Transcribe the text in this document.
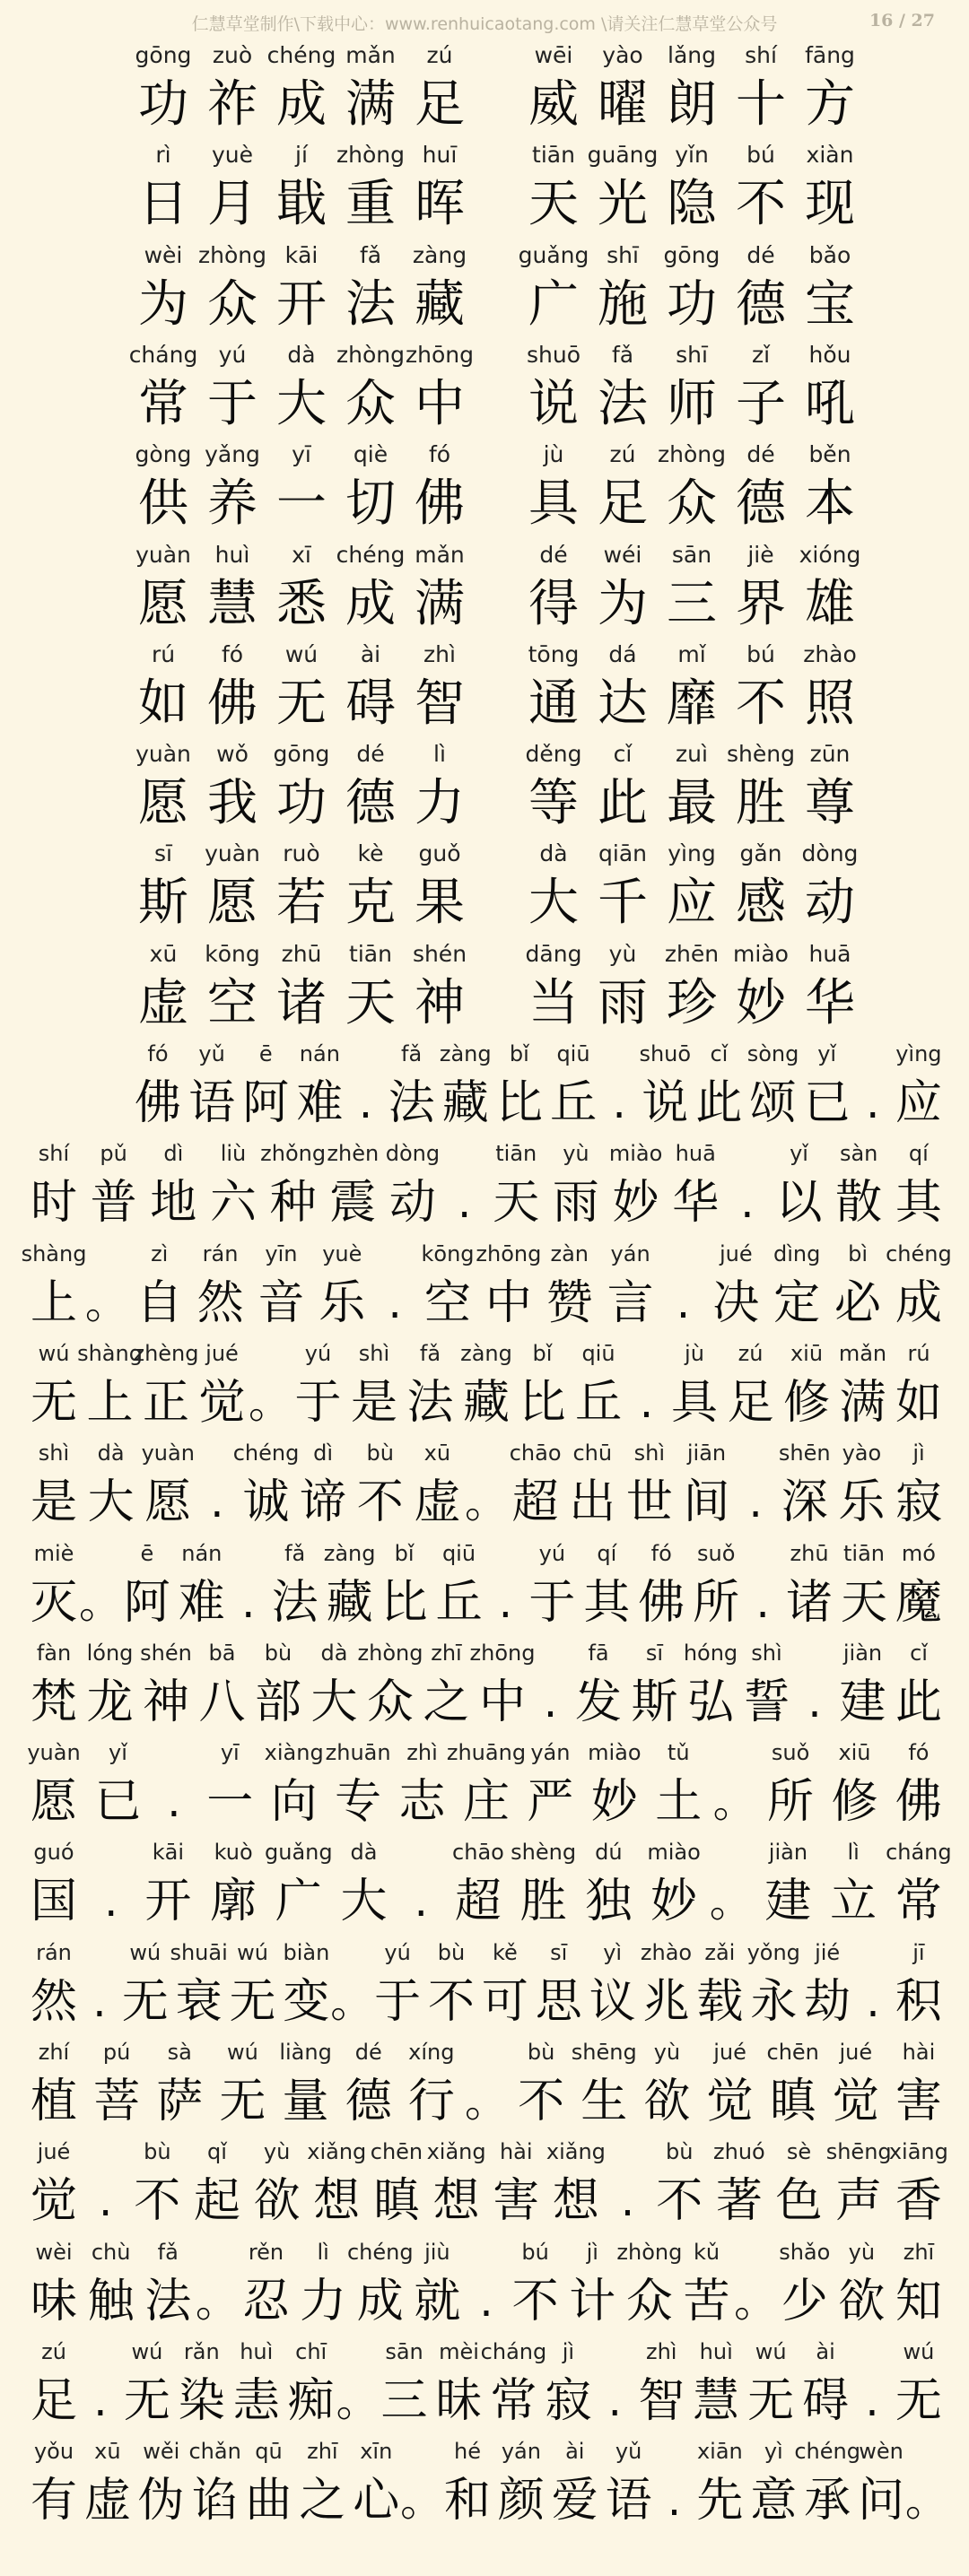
仁慧草堂制作\下载中心：www.renhuicaotang.com \请关注仁慧草堂公众号	16 / 27
gōng
功
zuò
祚
chéng
成
mǎn
满
zú
足
wēi
威
yào
曜
lǎng
朗
shí
十
fāng
方
rì
日
yuè
月
jí
戢
zhòng
重
huī
晖
tiān
天
guāng
光
yǐn
隐
bú
不
xiàn
现
wèi
为
zhòng
众
kāi
开
fǎ
法
zàng
藏
guǎng
广
shī
施
gōng
功
dé
德
bǎo
宝
cháng
常
yú
于
dà
大
zhòng
众
zhōng
中
shuō
说
fǎ
法
shī
师
zǐ
子
hǒu
吼
gòng
供
yǎng
养
yī
一
qiè
切
fó
佛
jù
具
zú
足
zhòng
众
dé
德
běn
本
yuàn
愿
huì
慧
xī
悉
chéng
成
mǎn
满
dé
得
wéi
为
sān
三
jiè
界
xióng
雄
rú
如
fó
佛
wú
无
ài
碍
zhì
智
tōng
通
dá
达
mǐ
靡
bú
不
zhào
照
yuàn
愿
wǒ
我
gōng
功
dé
德
lì
力
děng
等
cǐ
此
zuì
最
shèng
胜
zūn
尊
sī
斯
yuàn
愿
ruò
若
kè
克
guǒ
果
dà
大
qiān
千
yìng
应
gǎn
感
dòng
动
xū
虚
kōng
空
zhū
诸
tiān
天
shén
神
dāng
当
yù
雨
zhēn
珍
miào
妙
huā
华
fó
佛
yǔ
语
ē
阿
nán
难 .
fǎ
法
zàng
藏
bǐ
比
qiū
丘 .
shuō
说
cǐ
此
sòng
颂
yǐ
已 .
yìng
应
shí
时
pǔ
普
dì
地
liù
六
zhǒng
种
zhèn
震
dòng
动 .
tiān
天
yù
雨
miào
妙
huā
华 .
yǐ
以
sàn
散
qí
其
shàng
上 。
zì
自
rán
然
yīn
音
yuè
乐 .
kōng
空
zhōng
中
zàn
赞
yán
言 .
jué
决
dìng
定
bì
必
chéng
成
wú
无
shàng
上
zhèng
正
jué
觉 。
yú
于
shì
是
fǎ
法
zàng
藏
bǐ
比
qiū
丘 .
jù
具
zú
足
xiū
修
mǎn
满
rú
如
shì
是
dà
大
yuàn
愿 .
chéng
诚
dì
谛
bù
不
xū
虚 。
chāo
超
chū
出
shì
世
jiān
间 .
shēn
深
yào
乐
jì
寂
miè
灭 。
ē
阿
nán
难 .
fǎ
法
zàng
藏
bǐ
比
qiū
丘 .
yú
于
qí
其
fó
佛
suǒ
所 .
zhū
诸
tiān
天
mó
魔
fàn
梵
lóng
龙
shén
神
bā
八
bù
部
dà
大
zhòng
众
zhī
之
zhōng
中 .
fā
发
sī
斯
hóng
弘
shì
誓 .
jiàn
建
cǐ
此
yuàn
愿
yǐ
已 .
yī
一
xiàng
向
zhuān
专
zhì
志
zhuāng
庄
yán
严
miào
妙
tǔ
土 。
suǒ
所
xiū
修
fó
佛
guó
国 .
kāi
开
kuò
廓
guǎng
广
dà
大 .
chāo
超
shèng
胜
dú
独
miào
妙 。
jiàn
建
lì
立
cháng
常
rán
然 .
wú
无
shuāi
衰
wú
无
biàn
变 。
yú
于
bù
不
kě
可
sī
思
yì
议
zhào
兆
zǎi
载
yǒng
永
jié
劫 .
jī
积
zhí
植
pú
菩
sà
萨
wú
无
liàng
量
dé
德
xíng
行 。
bù
不
shēng
生
yù
欲
jué
觉
chēn
瞋
jué
觉
hài
害
jué
觉 .
bù
不
qǐ
起
yù
欲
xiǎng
想
chēn
瞋
xiǎng
想
hài
害
xiǎng
想 .
bù
不
zhuó
著
sè
色
shēng
声
xiāng
香
wèi
味
chù
触
fǎ
法 。
rěn
忍
lì
力
chéng
成
jiù
就 .
bú
不
jì
计
zhòng
众
kǔ
苦 。
shǎo
少
yù
欲
zhī
知
zú
足 .
wú
无
rǎn
染
huì
恚
chī
痴 。
sān
三
mèi
昧
cháng
常
jì
寂 .
zhì
智
huì
慧
wú
无
ài
碍 .
wú
无
yǒu
有
xū
虚
wěi
伪
chǎn
谄
qū
曲
zhī
之
xīn
心 。
hé
和
yán
颜
ài
爱
yǔ
语 .
xiān
先
yì
意
chéng
承
wèn
问 。
